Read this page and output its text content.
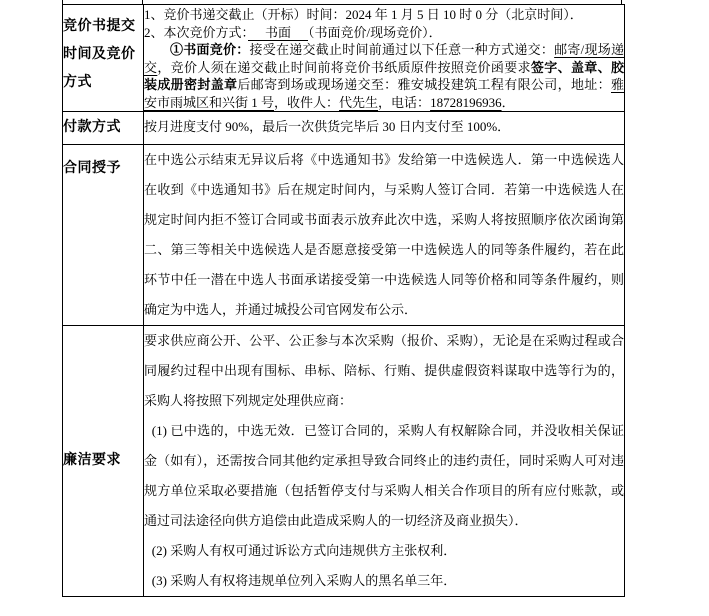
竞价书提交时间及竞价方式	1、竞价书递交截止（开标）时间：2024 年 1 月 5 日 10 时 0 分（北京时间）．
2、本次竞价方式：　书面　（书面竞价/现场竞价）．
①书面竞价：接受在递交截止时间前通过以下任意一种方式递交：邮寄/现场递交，竞价人须在递交截止时间前将竞价书纸质原件按照竞价函要求签字、盖章、胶装成册密封盖章后邮寄到场或现场递交至：雅安城投建筑工程有限公司，地址：雅安市雨城区和兴街 1 号，收件人：代先生，电话：18728196936．

付款方式	按月进度支付 90%，最后一次供货完毕后 30 日内支付至 100%．

合同授予	在中选公示结束无异议后将《中选通知书》发给第一中选候选人．第一中选候选人在收到《中选通知书》后在规定时间内，与采购人签订合同．若第一中选候选人在规定时间内拒不签订合同或书面表示放弃此次中选，采购人将按照顺序依次函询第二、第三等相关中选候选人是否愿意接受第一中选候选人的同等条件履约，若在此环节中任一潜在中选人书面承诺接受第一中选候选人同等价格和同等条件履约，则确定为中选人，并通过城投公司官网发布公示．

廉洁要求	要求供应商公开、公平、公正参与本次采购（报价、采购），无论是在采购过程或合同履约过程中出现有围标、串标、陪标、行贿、提供虚假资料谋取中选等行为的，采购人将按照下列规定处理供应商：
(1) 已中选的，中选无效．已签订合同的，采购人有权解除合同，并没收相关保证金（如有），还需按合同其他约定承担导致合同终止的违约责任，同时采购人可对违规方单位采取必要措施（包括暂停支付与采购人相关合作项目的所有应付账款，或通过司法途径向供方追偿由此造成采购人的一切经济及商业损失）．
(2) 采购人有权可通过诉讼方式向违规供方主张权利．
(3) 采购人有权将违规单位列入采购人的黑名单三年．
